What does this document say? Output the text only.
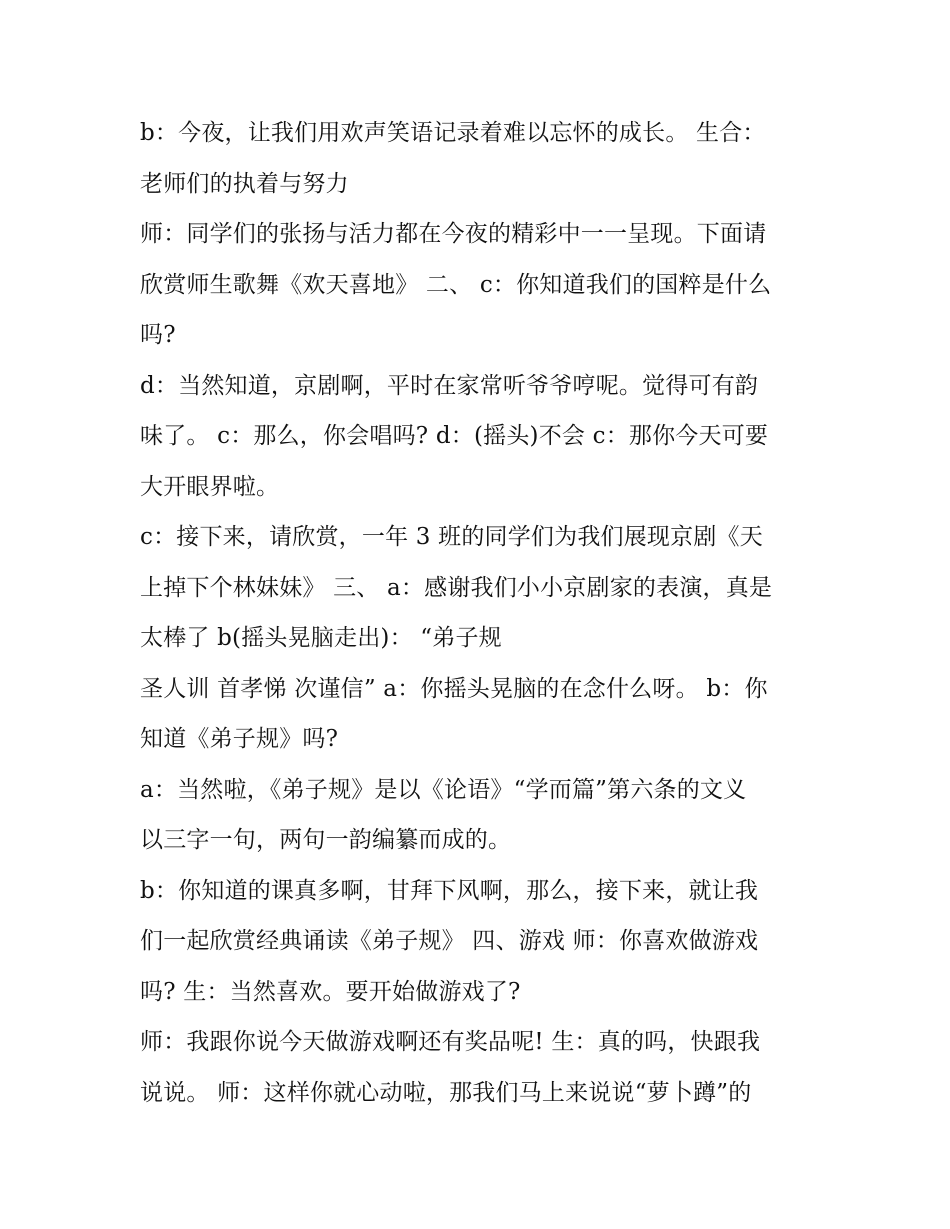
b：今夜，让我们用欢声笑语记录着难以忘怀的成长。 生合：
老师们的执着与努力
师：同学们的张扬与活力都在今夜的精彩中一一呈现。下面请
欣赏师生歌舞《欢天喜地》 二、 c：你知道我们的国粹是什么
吗?
d：当然知道，京剧啊，平时在家常听爷爷哼呢。觉得可有韵
味了。 c：那么，你会唱吗? d：(摇头)不会 c：那你今天可要
大开眼界啦。
c：接下来，请欣赏，一年 3 班的同学们为我们展现京剧《天
上掉下个林妹妹》 三、 a：感谢我们小小京剧家的表演，真是
太棒了 b(摇头晃脑走出)： “弟子规
圣人训 首孝悌 次谨信” a：你摇头晃脑的在念什么呀。 b：你
知道《弟子规》吗?
a：当然啦，《弟子规》是以《论语》“学而篇”第六条的文义
以三字一句，两句一韵编纂而成的。
b：你知道的课真多啊，甘拜下风啊，那么，接下来，就让我
们一起欣赏经典诵读《弟子规》 四、游戏 师：你喜欢做游戏
吗? 生：当然喜欢。要开始做游戏了?
师：我跟你说今天做游戏啊还有奖品呢! 生：真的吗，快跟我
说说。 师：这样你就心动啦，那我们马上来说说“萝卜蹲”的
